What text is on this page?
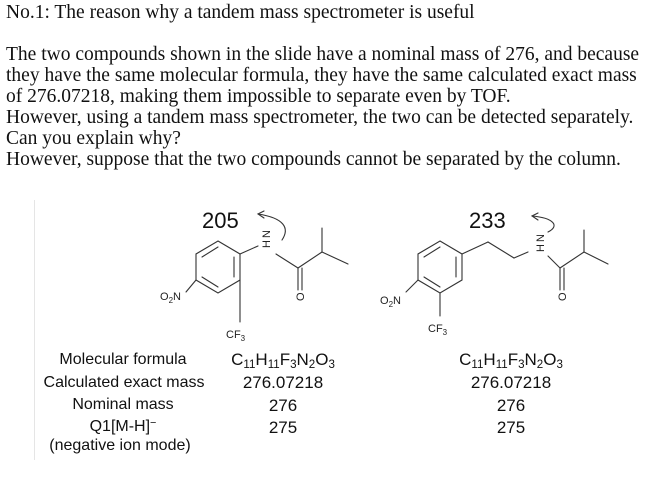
No.1: The reason why a tandem mass spectrometer is useful
The two compounds shown in the slide have a nominal mass of 276, and because
they have the same molecular formula, they have the same calculated exact mass
of 276.07218, making them impossible to separate even by TOF.
However, using a tandem mass spectrometer, the two can be detected separately.
Can you explain why?
However, suppose that the two compounds cannot be separated by the column.
$O_2N$
HN
O
$CF_3$
$O_2N$
HN
O
$CF_3$
205	233
Molecular formula
Calculated exact mass
Nominal mass
Q1[M-H]−
(negative ion mode)
$C_{11}H_{11}F_3N_2O_3$
276.07218
276
275
$C_{11}H_{11}F_3N_2O_3$
276.07218
276
275
